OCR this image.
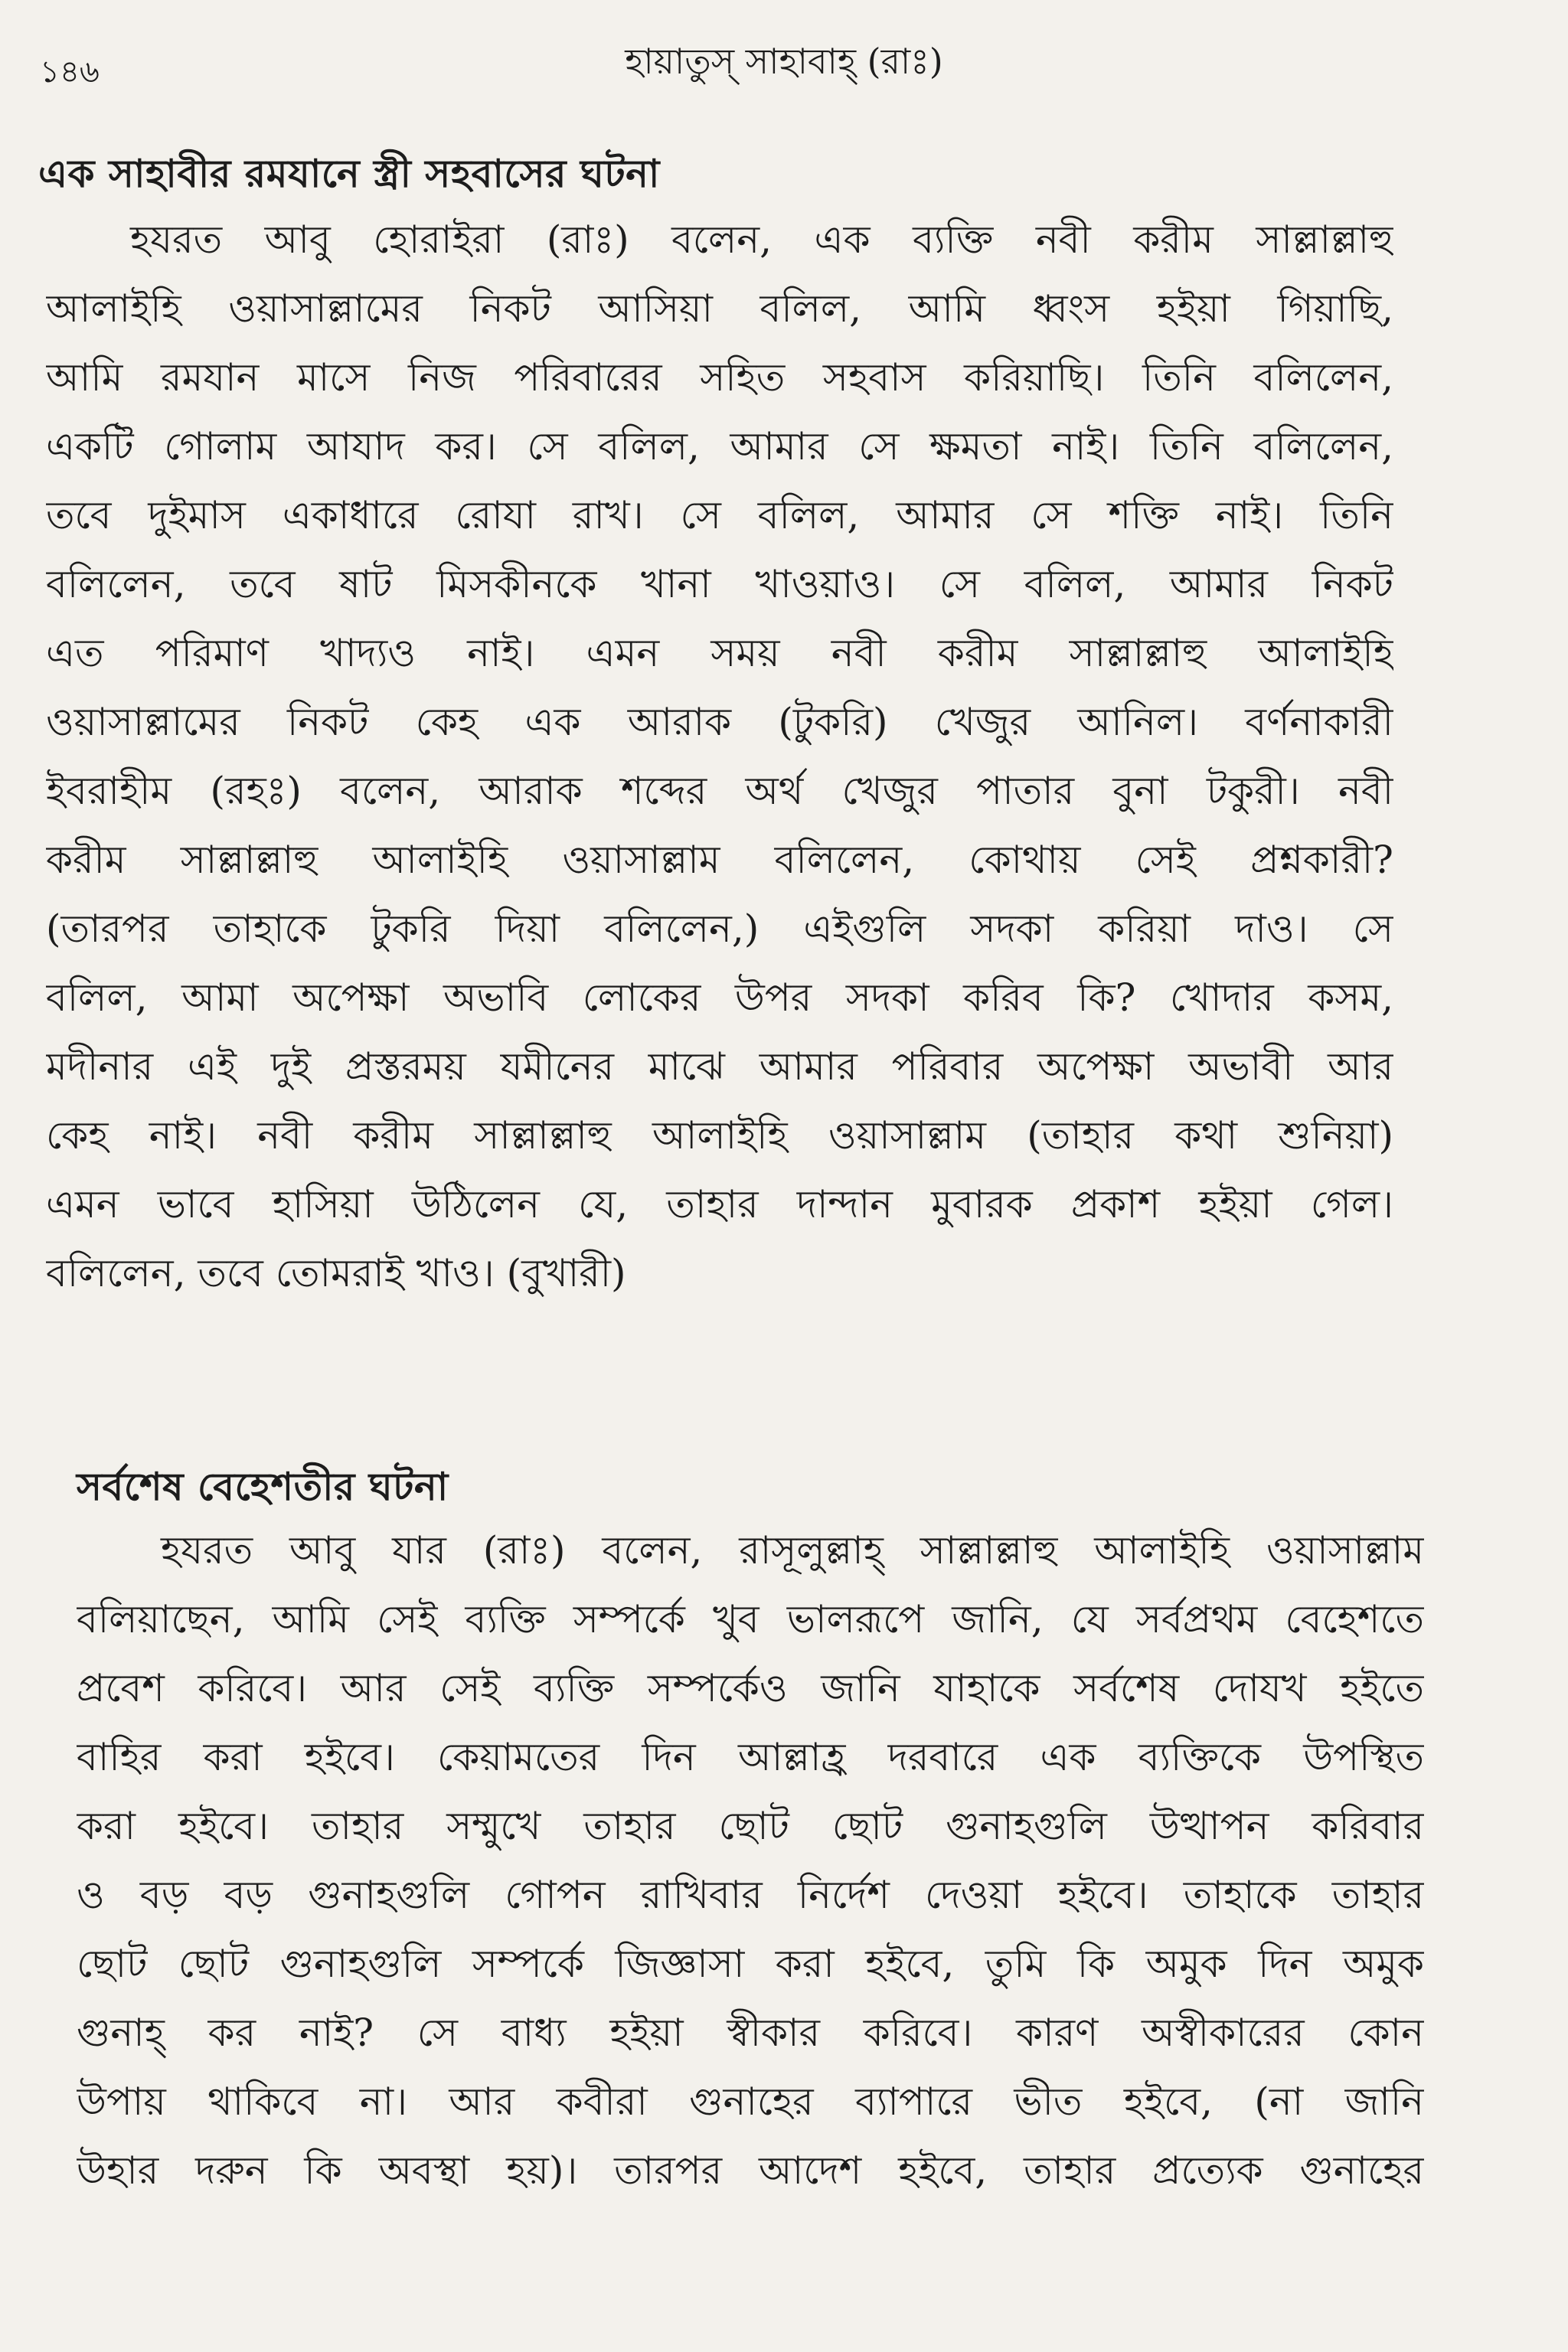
১৪৬	হায়াতুস্ সাহাবাহ্ (রাঃ)
এক সাহাবীর রমযানে স্ত্রী সহবাসের ঘটনা
হযরত আবু হোরাইরা (রাঃ) বলেন, এক ব্যক্তি নবী করীম সাল্লাল্লাহু
আলাইহি ওয়াসাল্লামের নিকট আসিয়া বলিল, আমি ধ্বংস হইয়া গিয়াছি,
আমি রমযান মাসে নিজ পরিবারের সহিত সহবাস করিয়াছি। তিনি বলিলেন,
একটি গোলাম আযাদ কর। সে বলিল, আমার সে ক্ষমতা নাই। তিনি বলিলেন,
তবে দুইমাস একাধারে রোযা রাখ। সে বলিল, আমার সে শক্তি নাই। তিনি
বলিলেন, তবে ষাট মিসকীনকে খানা খাওয়াও। সে বলিল, আমার নিকট
এত পরিমাণ খাদ্যও নাই। এমন সময় নবী করীম সাল্লাল্লাহু আলাইহি
ওয়াসাল্লামের নিকট কেহ এক আরাক (টুকরি) খেজুর আনিল। বর্ণনাকারী
ইবরাহীম (রহঃ) বলেন, আরাক শব্দের অর্থ খেজুর পাতার বুনা টকুরী। নবী
করীম সাল্লাল্লাহু আলাইহি ওয়াসাল্লাম বলিলেন, কোথায় সেই প্রশ্নকারী?
(তারপর তাহাকে টুকরি দিয়া বলিলেন,) এইগুলি সদকা করিয়া দাও। সে
বলিল, আমা অপেক্ষা অভাবি লোকের উপর সদকা করিব কি? খোদার কসম,
মদীনার এই দুই প্রস্তরময় যমীনের মাঝে আমার পরিবার অপেক্ষা অভাবী আর
কেহ নাই। নবী করীম সাল্লাল্লাহু আলাইহি ওয়াসাল্লাম (তাহার কথা শুনিয়া)
এমন ভাবে হাসিয়া উঠিলেন যে, তাহার দান্দান মুবারক প্রকাশ হইয়া গেল।
বলিলেন, তবে তোমরাই খাও। (বুখারী)
সর্বশেষ বেহেশতীর ঘটনা
হযরত আবু যার (রাঃ) বলেন, রাসূলুল্লাহ্ সাল্লাল্লাহু আলাইহি ওয়াসাল্লাম
বলিয়াছেন, আমি সেই ব্যক্তি সম্পর্কে খুব ভালরূপে জানি, যে সর্বপ্রথম বেহেশতে
প্রবেশ করিবে। আর সেই ব্যক্তি সম্পর্কেও জানি যাহাকে সর্বশেষ দোযখ হইতে
বাহির করা হইবে। কেয়ামতের দিন আল্লাহ্র দরবারে এক ব্যক্তিকে উপস্থিত
করা হইবে। তাহার সম্মুখে তাহার ছোট ছোট গুনাহগুলি উত্থাপন করিবার
ও বড় বড় গুনাহগুলি গোপন রাখিবার নির্দেশ দেওয়া হইবে। তাহাকে তাহার
ছোট ছোট গুনাহগুলি সম্পর্কে জিজ্ঞাসা করা হইবে, তুমি কি অমুক দিন অমুক
গুনাহ্ কর নাই? সে বাধ্য হইয়া স্বীকার করিবে। কারণ অস্বীকারের কোন
উপায় থাকিবে না। আর কবীরা গুনাহের ব্যাপারে ভীত হইবে, (না জানি
উহার দরুন কি অবস্থা হয়)। তারপর আদেশ হইবে, তাহার প্রত্যেক গুনাহের
